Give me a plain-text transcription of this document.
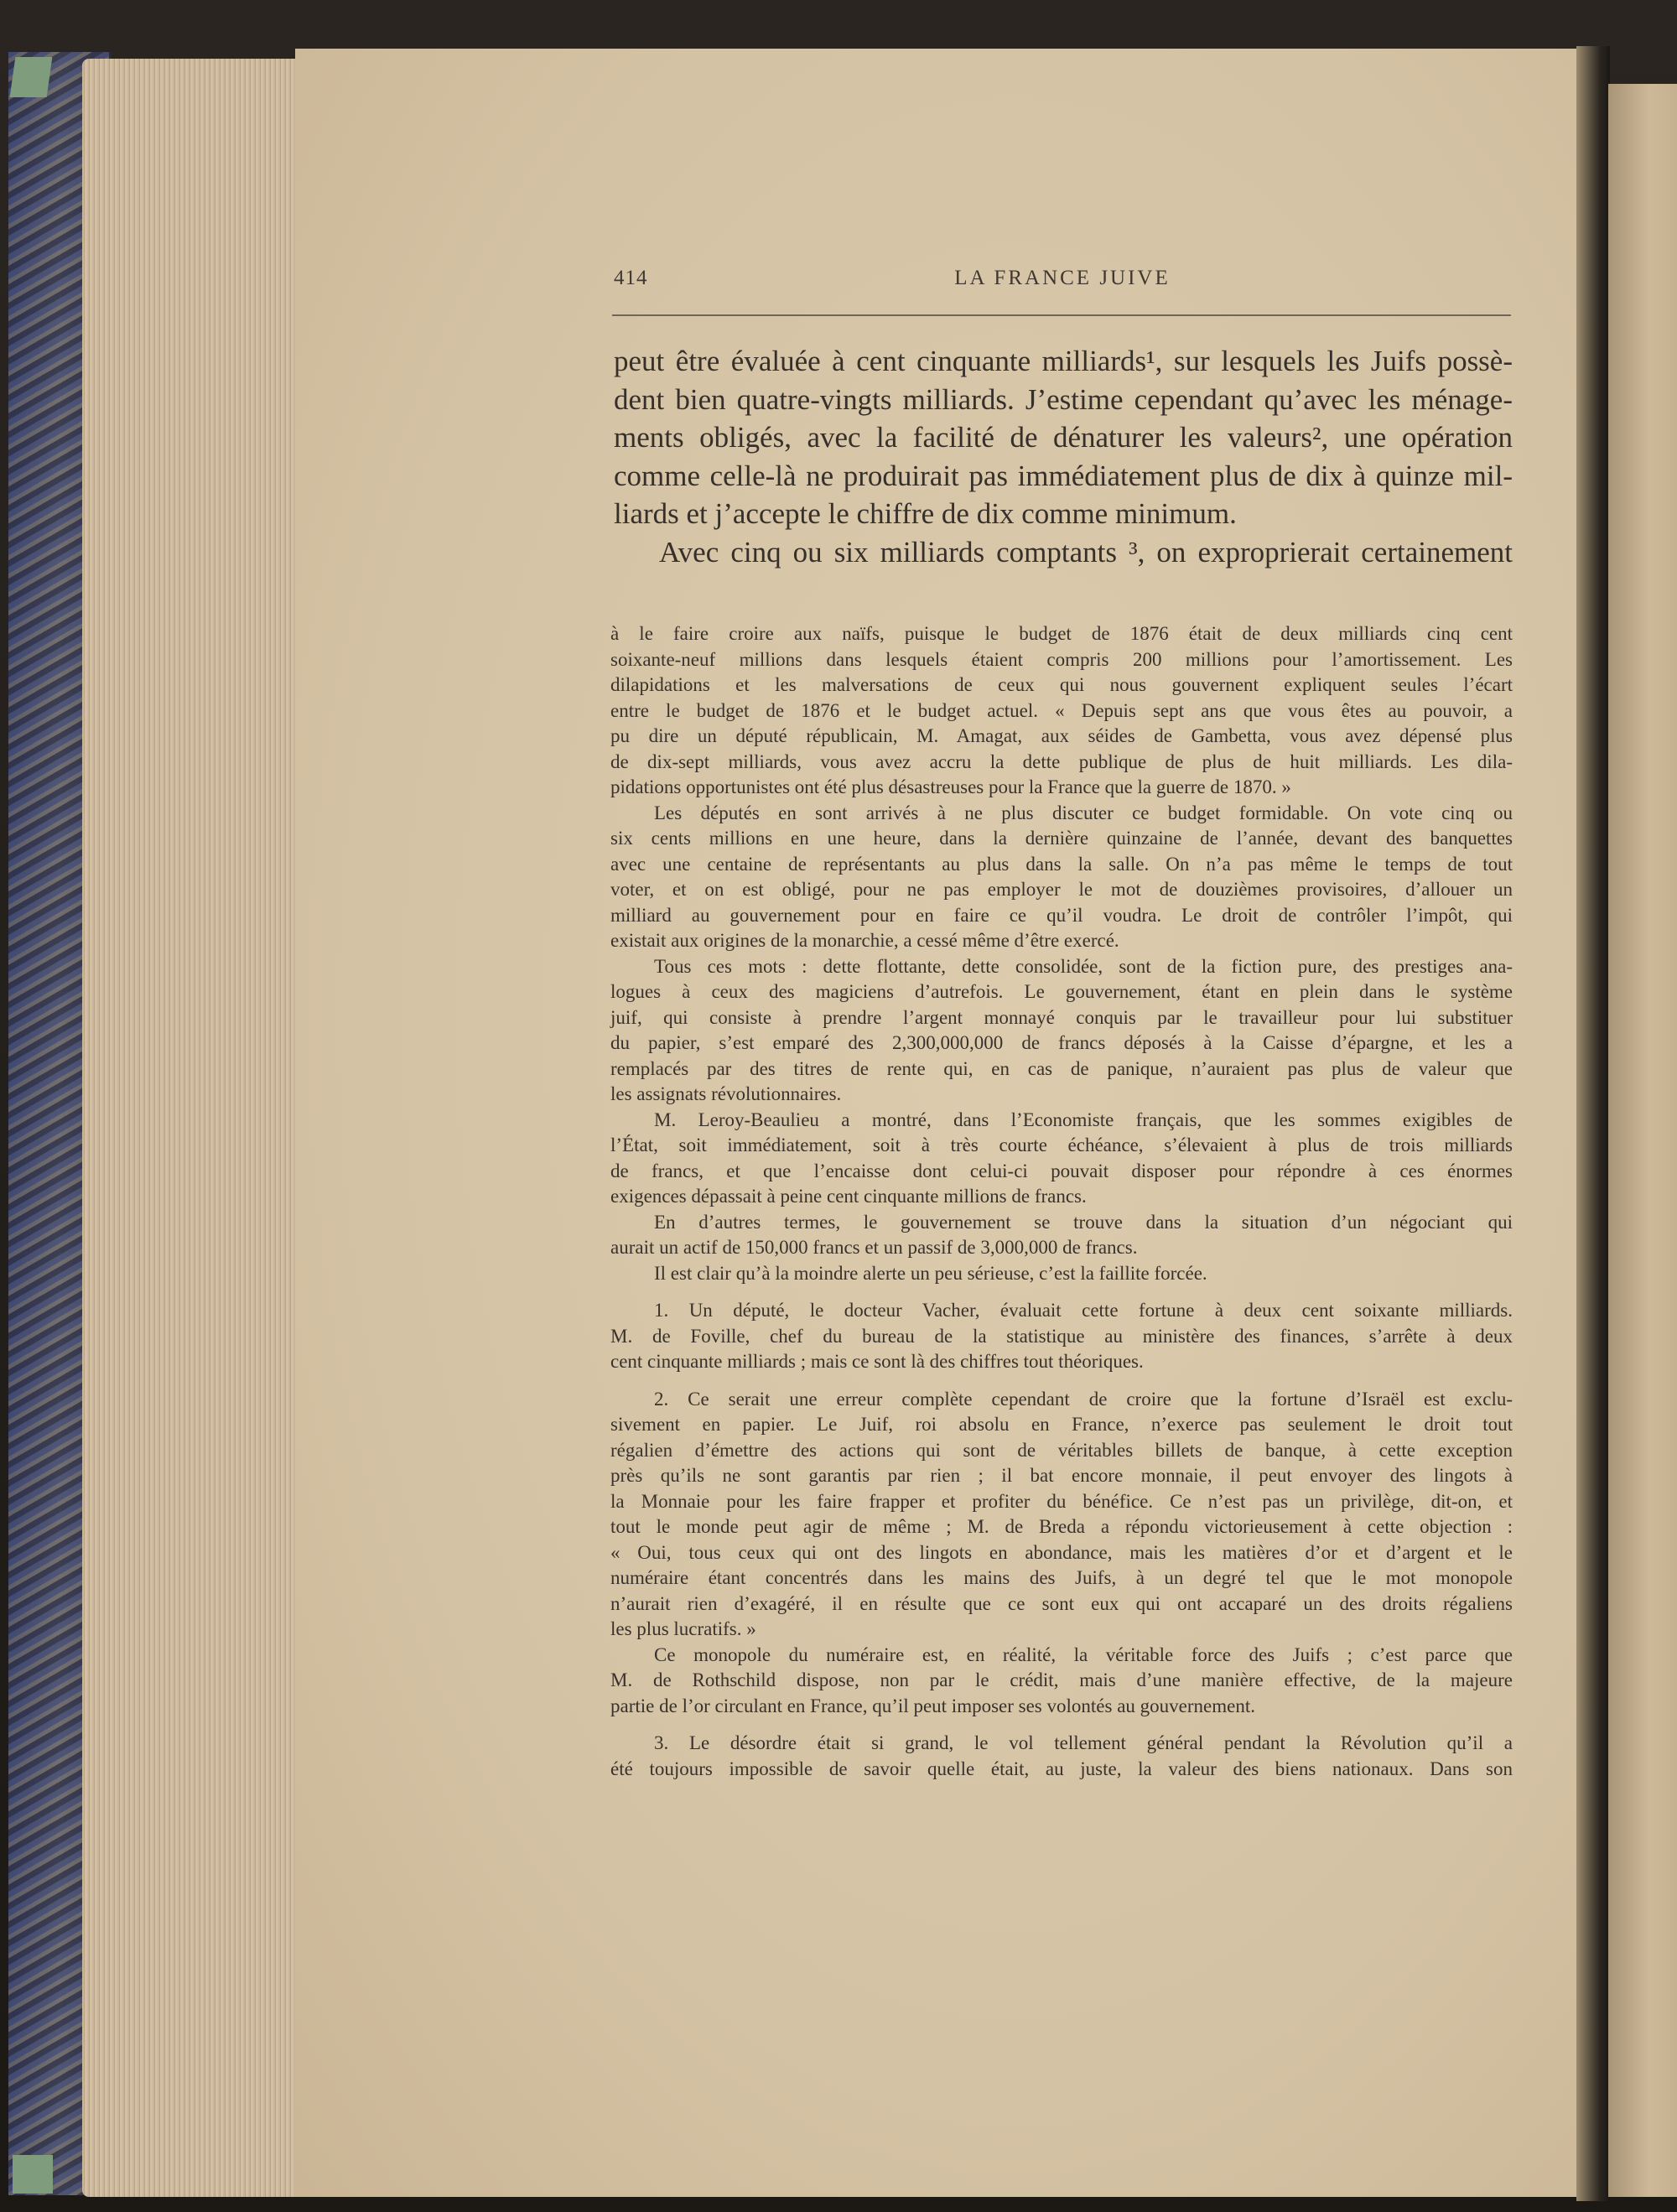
414	LA FRANCE JUIVE
peut être évaluée à cent cinquante milliards¹, sur lesquels les Juifs possè-
dent bien quatre-vingts milliards. J’estime cependant qu’avec les ménage-
ments obligés, avec la facilité de dénaturer les valeurs², une opération
comme celle-là ne produirait pas immédiatement plus de dix à quinze mil-
liards et j’accepte le chiffre de dix comme minimum.
Avec cinq ou six milliards comptants ³, on exproprierait certainement
à le faire croire aux naïfs, puisque le budget de 1876 était de deux milliards cinq cent
soixante-neuf millions dans lesquels étaient compris 200 millions pour l’amortissement. Les
dilapidations et les malversations de ceux qui nous gouvernent expliquent seules l’écart
entre le budget de 1876 et le budget actuel. « Depuis sept ans que vous êtes au pouvoir, a
pu dire un député républicain, M. Amagat, aux séides de Gambetta, vous avez dépensé plus
de dix-sept milliards, vous avez accru la dette publique de plus de huit milliards. Les dila-
pidations opportunistes ont été plus désastreuses pour la France que la guerre de 1870. »
Les députés en sont arrivés à ne plus discuter ce budget formidable. On vote cinq ou
six cents millions en une heure, dans la dernière quinzaine de l’année, devant des banquettes
avec une centaine de représentants au plus dans la salle. On n’a pas même le temps de tout
voter, et on est obligé, pour ne pas employer le mot de douzièmes provisoires, d’allouer un
milliard au gouvernement pour en faire ce qu’il voudra. Le droit de contrôler l’impôt, qui
existait aux origines de la monarchie, a cessé même d’être exercé.
Tous ces mots : dette flottante, dette consolidée, sont de la fiction pure, des prestiges ana-
logues à ceux des magiciens d’autrefois. Le gouvernement, étant en plein dans le système
juif, qui consiste à prendre l’argent monnayé conquis par le travailleur pour lui substituer
du papier, s’est emparé des 2,300,000,000 de francs déposés à la Caisse d’épargne, et les a
remplacés par des titres de rente qui, en cas de panique, n’auraient pas plus de valeur que
les assignats révolutionnaires.
M. Leroy-Beaulieu a montré, dans l’Economiste français, que les sommes exigibles de
l’État, soit immédiatement, soit à très courte échéance, s’élevaient à plus de trois milliards
de francs, et que l’encaisse dont celui-ci pouvait disposer pour répondre à ces énormes
exigences dépassait à peine cent cinquante millions de francs.
En d’autres termes, le gouvernement se trouve dans la situation d’un négociant qui
aurait un actif de 150,000 francs et un passif de 3,000,000 de francs.
Il est clair qu’à la moindre alerte un peu sérieuse, c’est la faillite forcée.
1. Un député, le docteur Vacher, évaluait cette fortune à deux cent soixante milliards.
M. de Foville, chef du bureau de la statistique au ministère des finances, s’arrête à deux
cent cinquante milliards ; mais ce sont là des chiffres tout théoriques.
2. Ce serait une erreur complète cependant de croire que la fortune d’Israël est exclu-
sivement en papier. Le Juif, roi absolu en France, n’exerce pas seulement le droit tout
régalien d’émettre des actions qui sont de véritables billets de banque, à cette exception
près qu’ils ne sont garantis par rien ; il bat encore monnaie, il peut envoyer des lingots à
la Monnaie pour les faire frapper et profiter du bénéfice. Ce n’est pas un privilège, dit-on, et
tout le monde peut agir de même ; M. de Breda a répondu victorieusement à cette objection :
« Oui, tous ceux qui ont des lingots en abondance, mais les matières d’or et d’argent et le
numéraire étant concentrés dans les mains des Juifs, à un degré tel que le mot monopole
n’aurait rien d’exagéré, il en résulte que ce sont eux qui ont accaparé un des droits régaliens
les plus lucratifs. »
Ce monopole du numéraire est, en réalité, la véritable force des Juifs ; c’est parce que
M. de Rothschild dispose, non par le crédit, mais d’une manière effective, de la majeure
partie de l’or circulant en France, qu’il peut imposer ses volontés au gouvernement.
3. Le désordre était si grand, le vol tellement général pendant la Révolution qu’il a
été toujours impossible de savoir quelle était, au juste, la valeur des biens nationaux. Dans son
